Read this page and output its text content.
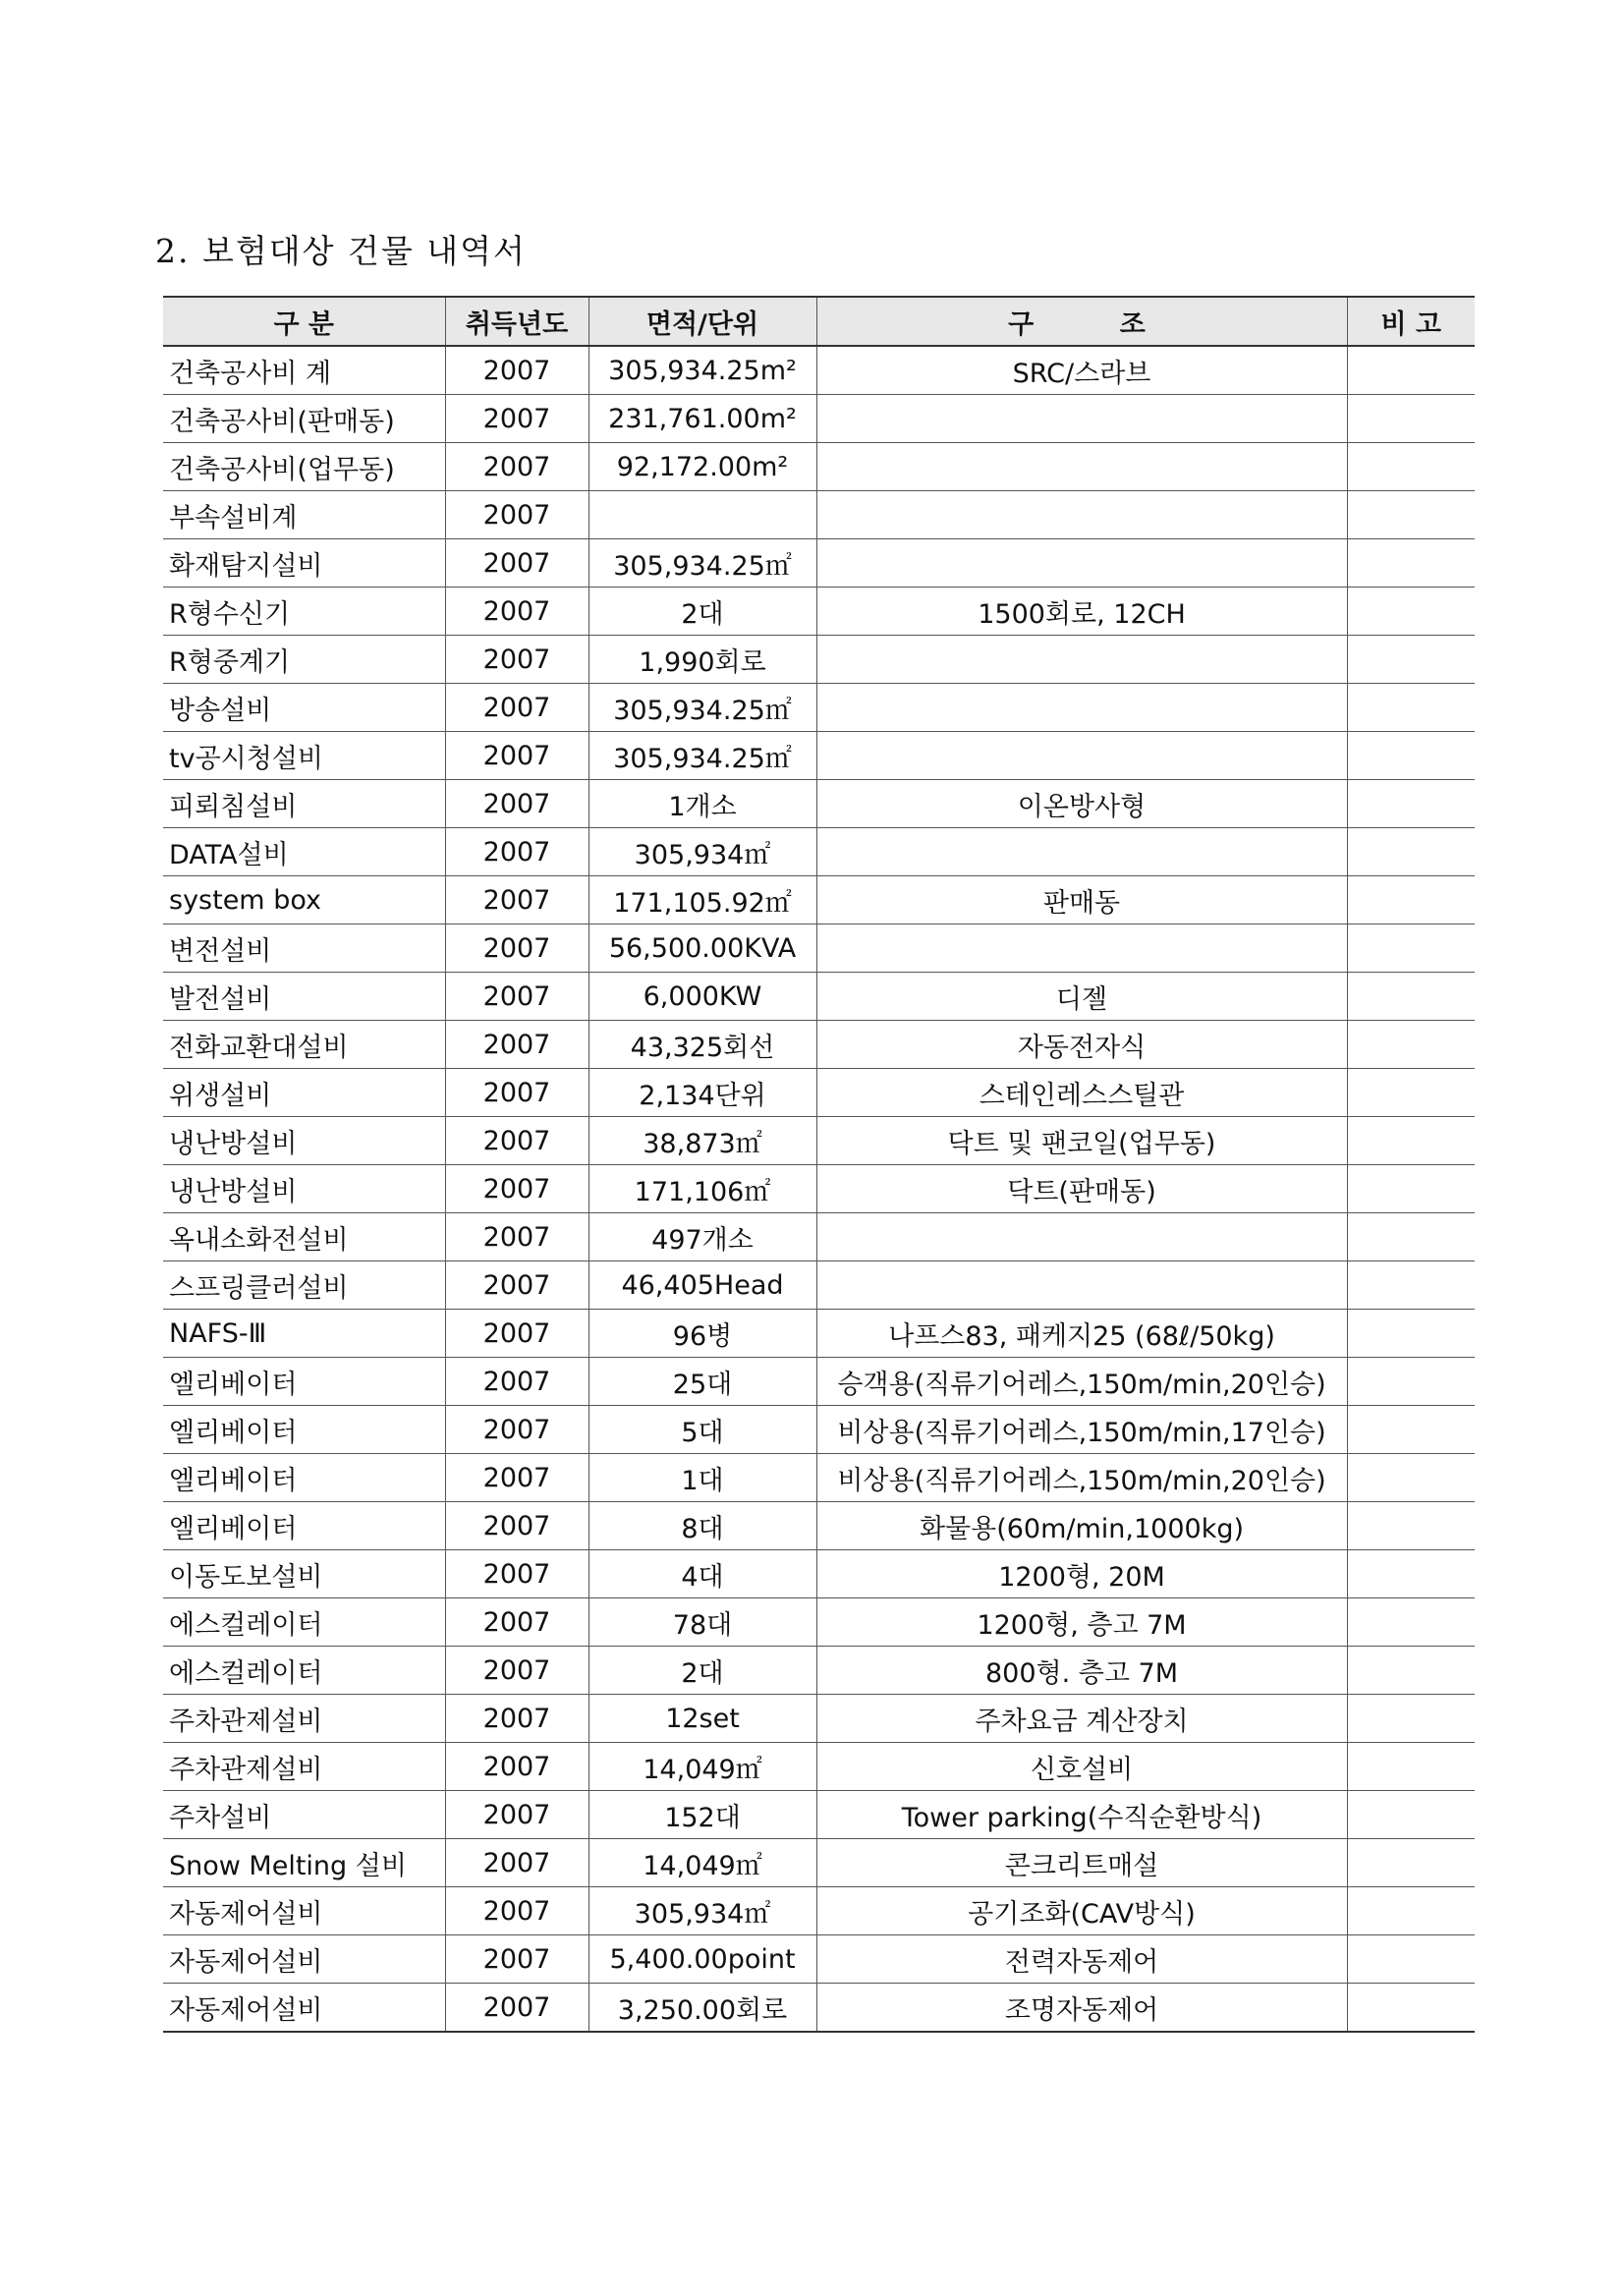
2. 보험대상 건물 내역서
구 분	취득년도	면적/단위	구    조	비 고
건축공사비 계	2007	305,934.25m²	SRC/스라브	
건축공사비(판매동)	2007	231,761.00m²		
건축공사비(업무동)	2007	92,172.00m²		
부속설비계	2007			
화재탐지설비	2007	305,934.25㎡		
R형수신기	2007	2대	1500회로, 12CH	
R형중계기	2007	1,990회로		
방송설비	2007	305,934.25㎡		
tv공시청설비	2007	305,934.25㎡		
피뢰침설비	2007	1개소	이온방사형	
DATA설비	2007	305,934㎡		
system box	2007	171,105.92㎡	판매동	
변전설비	2007	56,500.00KVA		
발전설비	2007	6,000KW	디젤	
전화교환대설비	2007	43,325회선	자동전자식	
위생설비	2007	2,134단위	스테인레스스틸관	
냉난방설비	2007	38,873㎡	닥트 및 팬코일(업무동)	
냉난방설비	2007	171,106㎡	닥트(판매동)	
옥내소화전설비	2007	497개소		
스프링클러설비	2007	46,405Head		
NAFS-Ⅲ	2007	96병	나프스83, 패케지25 (68ℓ/50kg)	
엘리베이터	2007	25대	승객용(직류기어레스,150m/min,20인승)	
엘리베이터	2007	5대	비상용(직류기어레스,150m/min,17인승)	
엘리베이터	2007	1대	비상용(직류기어레스,150m/min,20인승)	
엘리베이터	2007	8대	화물용(60m/min,1000kg)	
이동도보설비	2007	4대	1200형, 20M	
에스컬레이터	2007	78대	1200형, 층고 7M	
에스컬레이터	2007	2대	800형. 층고 7M	
주차관제설비	2007	12set	주차요금 계산장치	
주차관제설비	2007	14,049㎡	신호설비	
주차설비	2007	152대	Tower parking(수직순환방식)	
Snow Melting 설비	2007	14,049㎡	콘크리트매설	
자동제어설비	2007	305,934㎡	공기조화(CAV방식)	
자동제어설비	2007	5,400.00point	전력자동제어	
자동제어설비	2007	3,250.00회로	조명자동제어	
